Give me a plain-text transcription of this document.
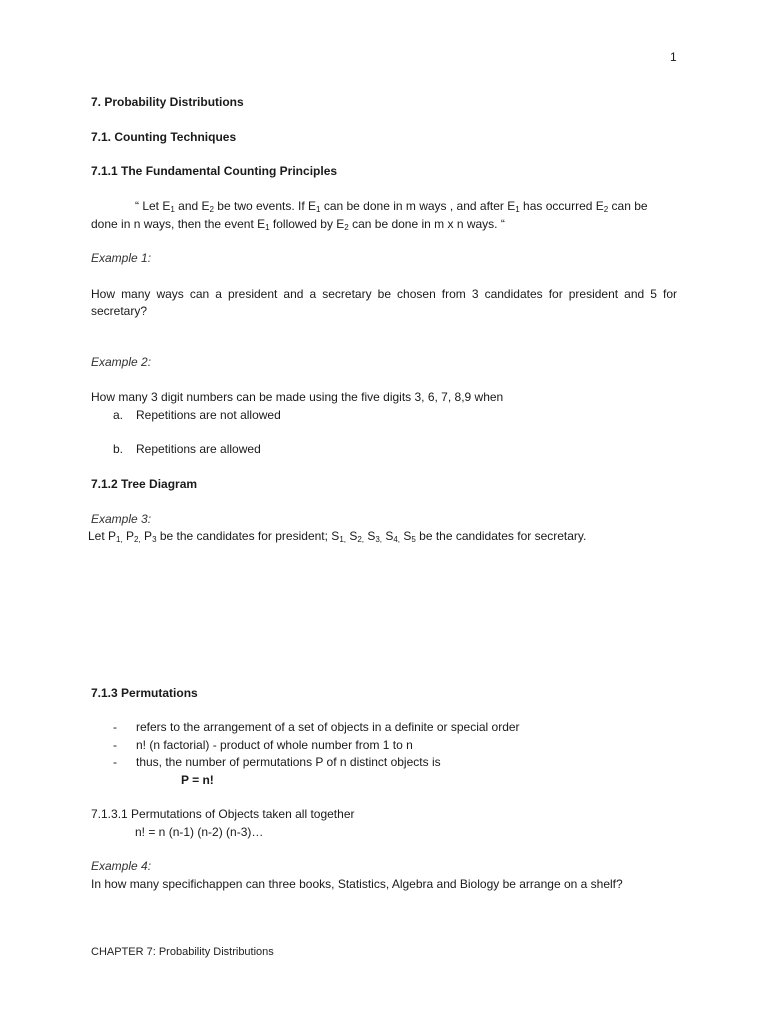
1
7. Probability Distributions
7.1. Counting Techniques
7.1.1 The Fundamental Counting Principles
“ Let $E_1$ and $E_2$ be two events. If $E_1$ can be done in m ways , and after $E_1$ has occurred $E_2$ can be
done in n ways, then the event $E_1$ followed by $E_2$ can be done in m x n ways. “
Example 1:
How many ways can a president and a secretary be chosen from 3 candidates for president and 5 for secretary?
Example 2:
How many 3 digit numbers can be made using the five digits 3, 6, 7, 8,9 when
a. Repetitions are not allowed
b. Repetitions are allowed
7.1.2 Tree Diagram
Example 3:
Let $P_{1,}$ $P_{2,}$ $P_3$ be the candidates for president; $S_{1,}$ $S_{2,}$ $S_{3,}$ $S_{4,}$ $S_5$ be the candidates for secretary.
7.1.3 Permutations
- refers to the arrangement of a set of objects in a definite or special order
- n! (n factorial) - product of whole number from 1 to n
- thus, the number of permutations P of n distinct objects is
P = n!
7.1.3.1 Permutations of Objects taken all together
n! = n (n-1) (n-2) (n-3)…
Example 4:
In how many specifichappen can three books, Statistics, Algebra and Biology be arrange on a shelf?
CHAPTER 7: Probability Distributions
